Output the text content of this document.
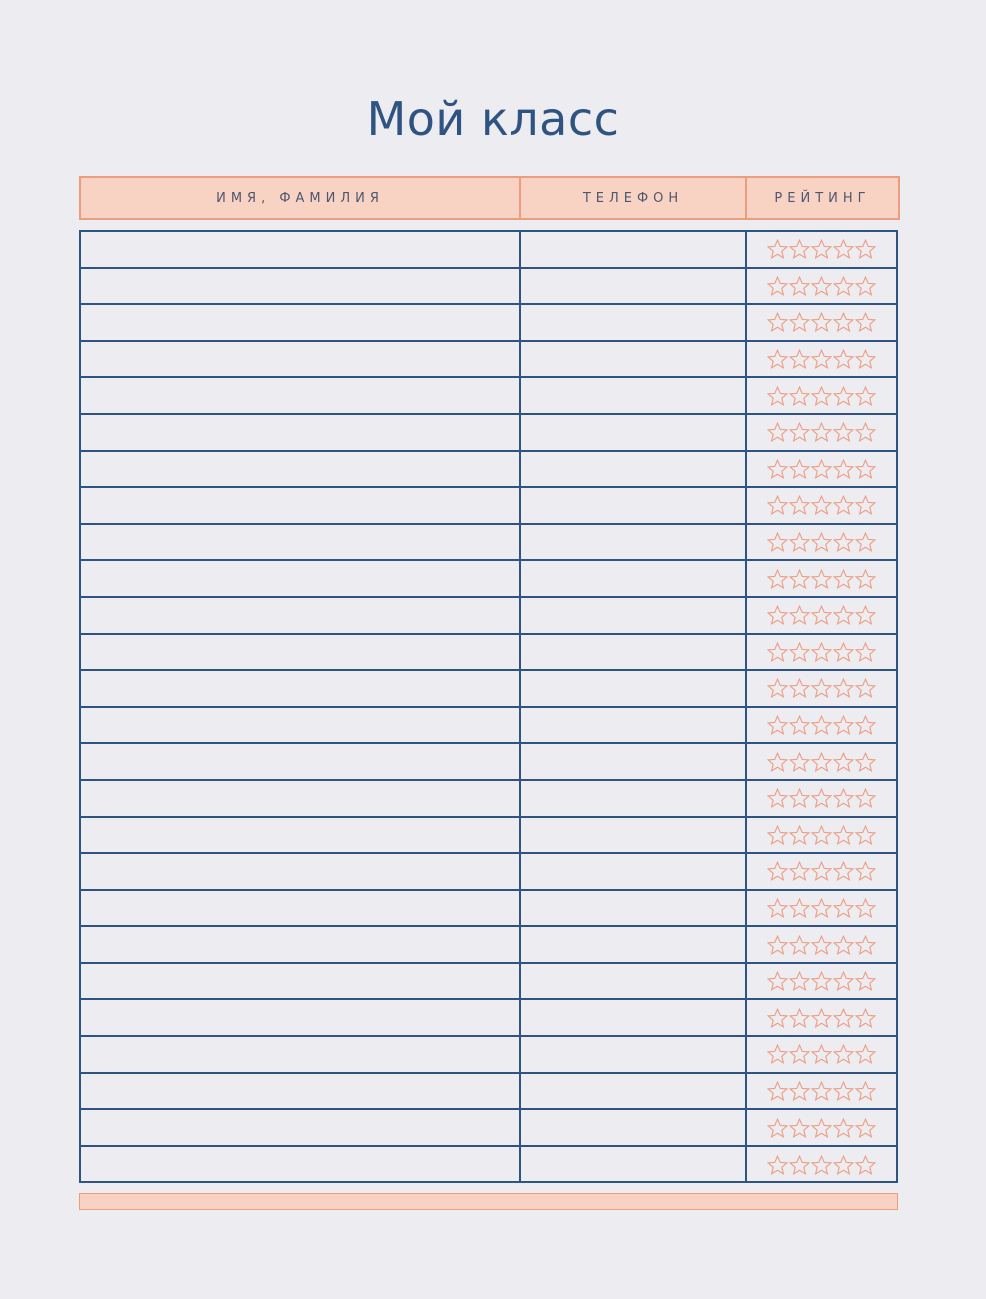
Мой класс
ИМЯ, ФАМИЛИЯ	ТЕЛЕФОН	РЕЙТИНГ
